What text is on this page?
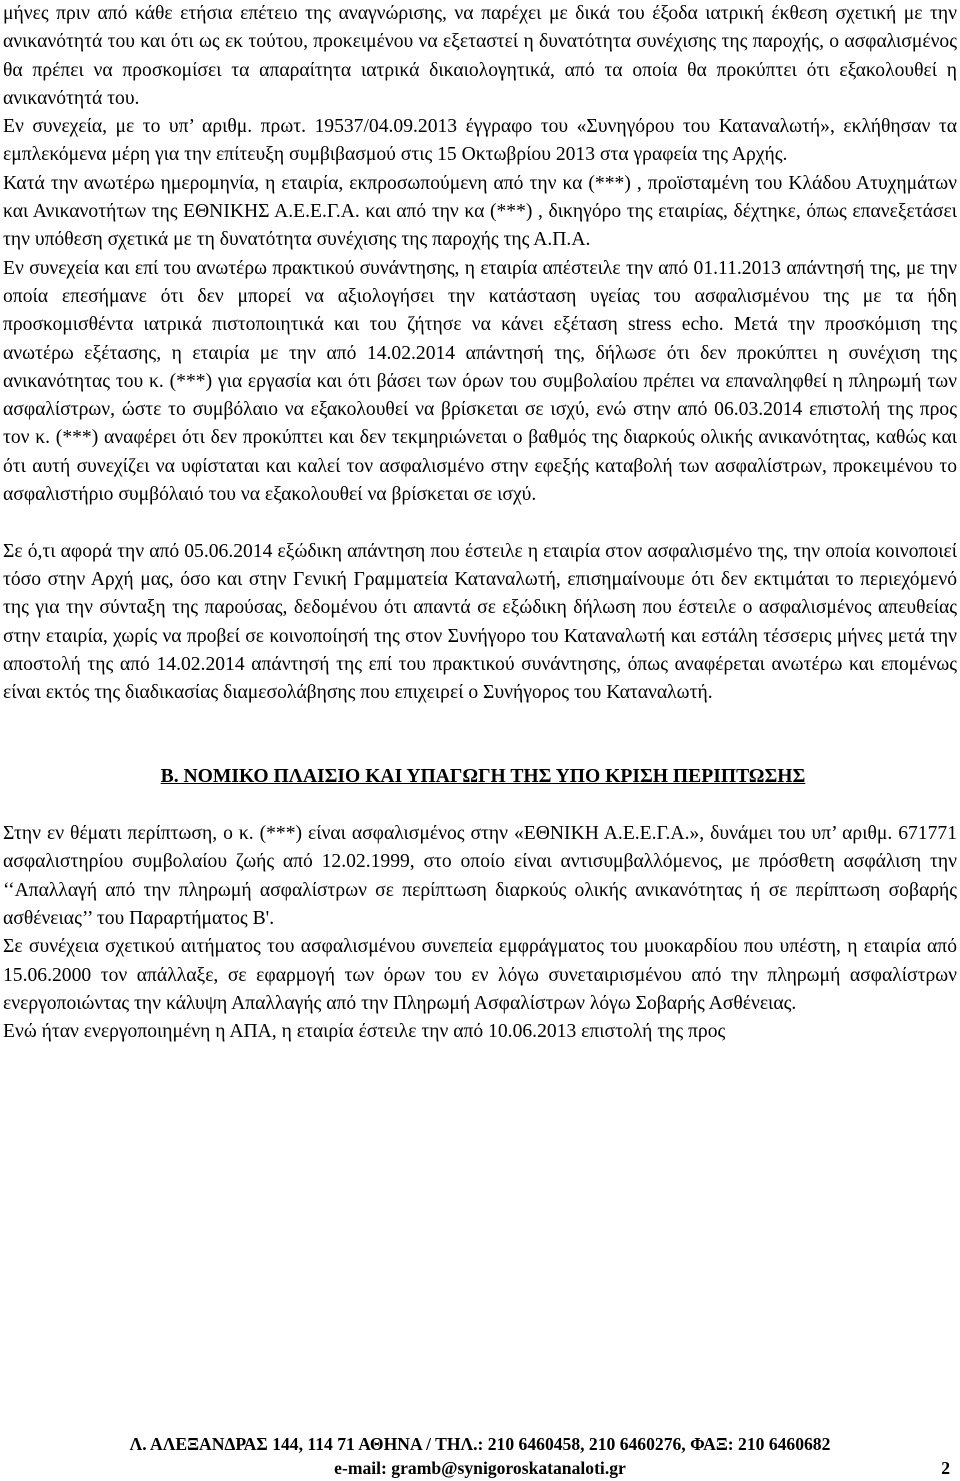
μήνες πριν από κάθε ετήσια επέτειο της αναγνώρισης, να παρέχει με δικά του έξοδα ιατρική έκθεση σχετική με την ανικανότητά του και ότι ως εκ τούτου, προκειμένου να εξεταστεί η δυνατότητα συνέχισης της παροχής, ο ασφαλισμένος θα πρέπει να προσκομίσει τα απαραίτητα ιατρικά δικαιολογητικά, από τα οποία θα προκύπτει ότι εξακολουθεί η ανικανότητά του.

Εν συνεχεία, με το υπ’ αριθμ. πρωτ. 19537/04.09.2013 έγγραφο του «Συνηγόρου του Καταναλωτή», εκλήθησαν τα εμπλεκόμενα μέρη για την επίτευξη συμβιβασμού στις 15 Οκτωβρίου 2013 στα γραφεία της Αρχής.

Κατά την ανωτέρω ημερομηνία, η εταιρία, εκπροσωπούμενη από την κα (***) , προϊσταμένη του Κλάδου Ατυχημάτων και Ανικανοτήτων της ΕΘΝΙΚΗΣ Α.Ε.Ε.Γ.Α. και από την κα (***) , δικηγόρο της εταιρίας, δέχτηκε, όπως επανεξετάσει την υπόθεση σχετικά με τη δυνατότητα συνέχισης της παροχής της Α.Π.Α.

Εν συνεχεία και επί του ανωτέρω πρακτικού συνάντησης, η εταιρία απέστειλε την από 01.11.2013 απάντησή της, με την οποία επεσήμανε ότι δεν μπορεί να αξιολογήσει την κατάσταση υγείας του ασφαλισμένου της με τα ήδη προσκομισθέντα ιατρικά πιστοποιητικά και του ζήτησε να κάνει εξέταση stress echo. Μετά την προσκόμιση της ανωτέρω εξέτασης, η εταιρία με την από 14.02.2014 απάντησή της, δήλωσε ότι δεν προκύπτει η συνέχιση της ανικανότητας του κ. (***) για εργασία και ότι βάσει των όρων του συμβολαίου πρέπει να επαναληφθεί η πληρωμή των ασφαλίστρων, ώστε το συμβόλαιο να εξακολουθεί να βρίσκεται σε ισχύ, ενώ στην από 06.03.2014 επιστολή της προς τον κ. (***) αναφέρει ότι δεν προκύπτει και δεν τεκμηριώνεται ο βαθμός της διαρκούς ολικής ανικανότητας, καθώς και ότι αυτή συνεχίζει να υφίσταται και καλεί τον ασφαλισμένο στην εφεξής καταβολή των ασφαλίστρων, προκειμένου το ασφαλιστήριο συμβόλαιό του να εξακολουθεί να βρίσκεται σε ισχύ.

Σε ό,τι αφορά την από 05.06.2014 εξώδικη απάντηση που έστειλε η εταιρία στον ασφαλισμένο της, την οποία κοινοποιεί τόσο στην Αρχή μας, όσο και στην Γενική Γραμματεία Καταναλωτή, επισημαίνουμε ότι δεν εκτιμάται το περιεχόμενό της για την σύνταξη της παρούσας, δεδομένου ότι απαντά σε εξώδικη δήλωση που έστειλε ο ασφαλισμένος απευθείας στην εταιρία, χωρίς να προβεί σε κοινοποίησή της στον Συνήγορο του Καταναλωτή και εστάλη τέσσερις μήνες μετά την αποστολή της από 14.02.2014 απάντησή της επί του πρακτικού συνάντησης, όπως αναφέρεται ανωτέρω και επομένως είναι εκτός της διαδικασίας διαμεσολάβησης που επιχειρεί ο Συνήγορος του Καταναλωτή.

Β. ΝΟΜΙΚΟ ΠΛΑΙΣΙΟ ΚΑΙ ΥΠΑΓΩΓΗ ΤΗΣ ΥΠΟ ΚΡΙΣΗ ΠΕΡΙΠΤΩΣΗΣ

Στην εν θέματι περίπτωση, ο κ. (***) είναι ασφαλισμένος στην «ΕΘΝΙΚΗ Α.Ε.Ε.Γ.Α.», δυνάμει του υπ’ αριθμ. 671771 ασφαλιστηρίου συμβολαίου ζωής από 12.02.1999, στο οποίο είναι αντισυμβαλλόμενος, με πρόσθετη ασφάλιση την ‘‘Απαλλαγή από την πληρωμή ασφαλίστρων σε περίπτωση διαρκούς ολικής ανικανότητας ή σε περίπτωση σοβαρής ασθένειας’’ του Παραρτήματος Β'.

Σε συνέχεια σχετικού αιτήματος του ασφαλισμένου συνεπεία εμφράγματος του μυοκαρδίου που υπέστη, η εταιρία από 15.06.2000 τον απάλλαξε, σε εφαρμογή των όρων του εν λόγω συνεταιρισμένου από την πληρωμή ασφαλίστρων ενεργοποιώντας την κάλυψη Απαλλαγής από την Πληρωμή Ασφαλίστρων λόγω Σοβαρής Ασθένειας.

Ενώ ήταν ενεργοποιημένη η ΑΠΑ, η εταιρία έστειλε την από 10.06.2013 επιστολή της προς

Λ. ΑΛΕΞΑΝΔΡΑΣ 144, 114 71 ΑΘΗΝΑ / ΤΗΛ.: 210 6460458, 210 6460276, ΦΑΞ: 210 6460682
e-mail: gramb@synigoroskatanaloti.gr	2
